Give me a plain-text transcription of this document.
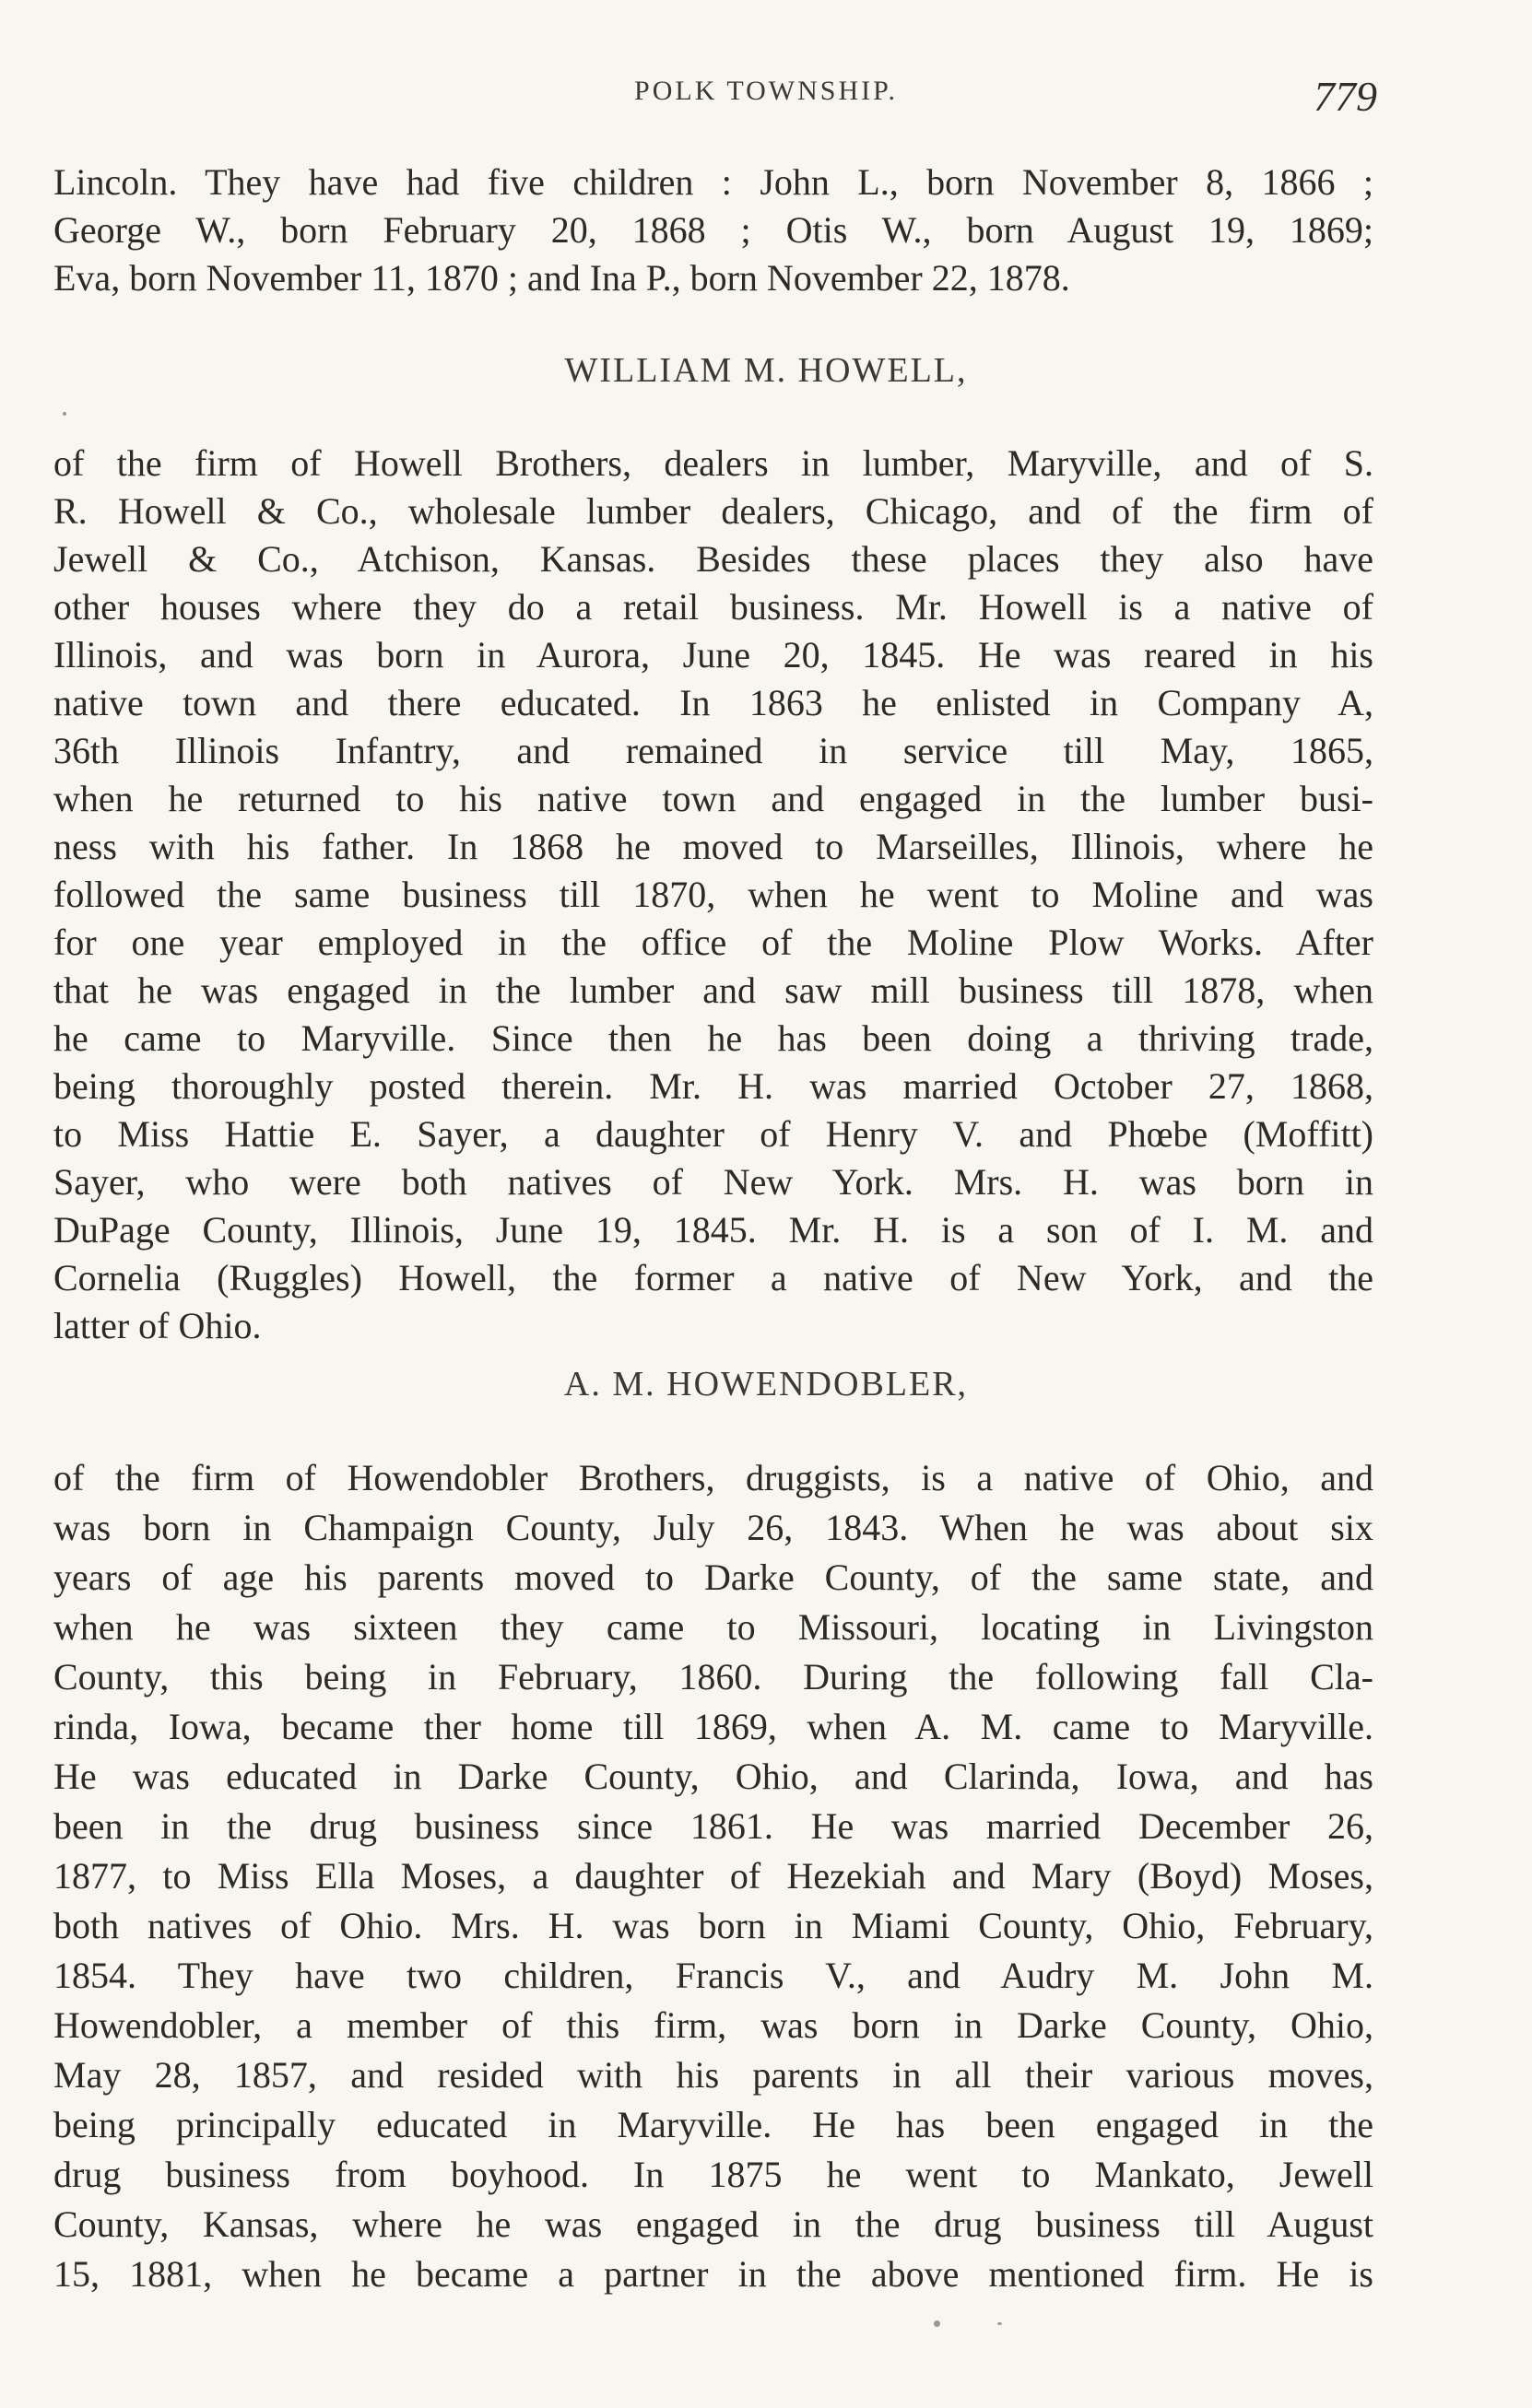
POLK TOWNSHIP.	779
Lincoln. They have had five children : John L., born November 8, 1866 ;
George W., born February 20, 1868 ; Otis W., born August 19, 1869;
Eva, born November 11, 1870 ; and Ina P., born November 22, 1878.
WILLIAM M. HOWELL,
of the firm of Howell Brothers, dealers in lumber, Maryville, and of S.
R. Howell & Co., wholesale lumber dealers, Chicago, and of the firm of
Jewell & Co., Atchison, Kansas. Besides these places they also have
other houses where they do a retail business. Mr. Howell is a native of
Illinois, and was born in Aurora, June 20, 1845. He was reared in his
native town and there educated. In 1863 he enlisted in Company A,
36th Illinois Infantry, and remained in service till May, 1865,
when he returned to his native town and engaged in the lumber busi-
ness with his father. In 1868 he moved to Marseilles, Illinois, where he
followed the same business till 1870, when he went to Moline and was
for one year employed in the office of the Moline Plow Works. After
that he was engaged in the lumber and saw mill business till 1878, when
he came to Maryville. Since then he has been doing a thriving trade,
being thoroughly posted therein. Mr. H. was married October 27, 1868,
to Miss Hattie E. Sayer, a daughter of Henry V. and Phœbe (Moffitt)
Sayer, who were both natives of New York. Mrs. H. was born in
DuPage County, Illinois, June 19, 1845. Mr. H. is a son of I. M. and
Cornelia (Ruggles) Howell, the former a native of New York, and the
latter of Ohio.
A. M. HOWENDOBLER,
of the firm of Howendobler Brothers, druggists, is a native of Ohio, and
was born in Champaign County, July 26, 1843. When he was about six
years of age his parents moved to Darke County, of the same state, and
when he was sixteen they came to Missouri, locating in Livingston
County, this being in February, 1860. During the following fall Cla-
rinda, Iowa, became ther home till 1869, when A. M. came to Maryville.
He was educated in Darke County, Ohio, and Clarinda, Iowa, and has
been in the drug business since 1861. He was married December 26,
1877, to Miss Ella Moses, a daughter of Hezekiah and Mary (Boyd) Moses,
both natives of Ohio. Mrs. H. was born in Miami County, Ohio, February,
1854. They have two children, Francis V., and Audry M. John M.
Howendobler, a member of this firm, was born in Darke County, Ohio,
May 28, 1857, and resided with his parents in all their various moves,
being principally educated in Maryville. He has been engaged in the
drug business from boyhood. In 1875 he went to Mankato, Jewell
County, Kansas, where he was engaged in the drug business till August
15, 1881, when he became a partner in the above mentioned firm. He is
